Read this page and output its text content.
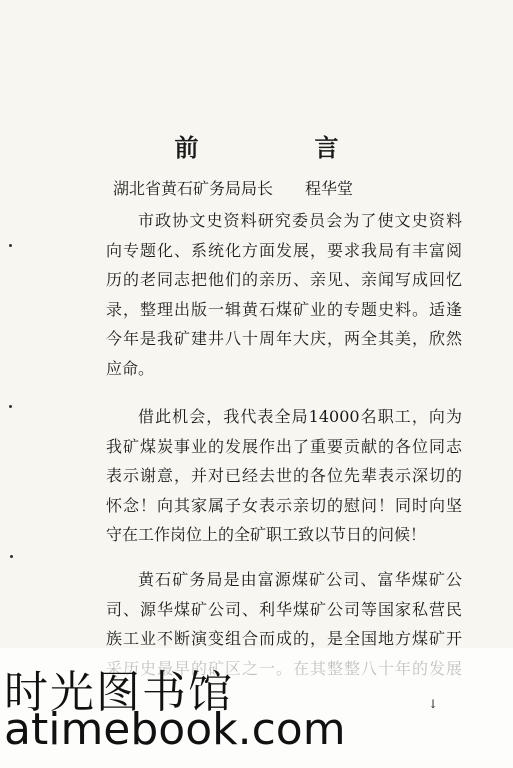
前　言
湖北省黄石矿务局局长　　程华堂
市政协文史资料研究委员会为了使文史资料
向专题化、系统化方面发展，要求我局有丰富阅
历的老同志把他们的亲历、亲见、亲闻写成回忆
录，整理出版一辑黄石煤矿业的专题史料。适逢
今年是我矿建井八十周年大庆，两全其美，欣然
应命。
借此机会，我代表全局14000名职工，向为
我矿煤炭事业的发展作出了重要贡献的各位同志
表示谢意，并对已经去世的各位先辈表示深切的
怀念！向其家属子女表示亲切的慰问！同时向坚
守在工作岗位上的全矿职工致以节日的问候！
黄石矿务局是由富源煤矿公司、富华煤矿公
司、源华煤矿公司、利华煤矿公司等国家私营民
族工业不断演变组合而成的，是全国地方煤矿开
时光图书馆
atimebook.com	↓
